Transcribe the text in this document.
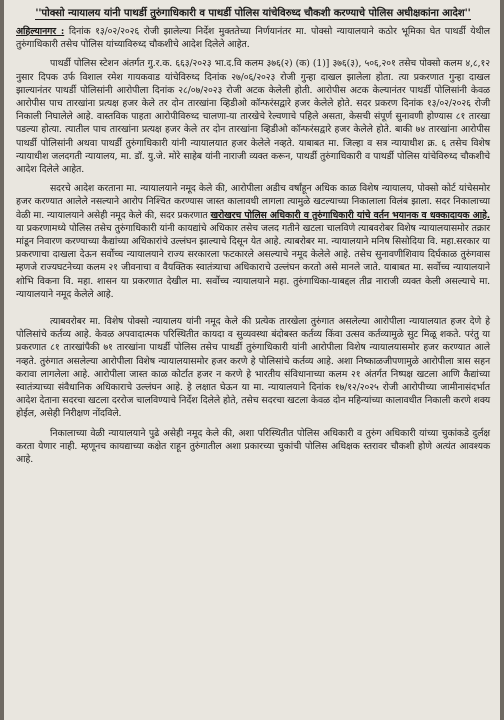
''पोक्सो न्यायालय यांनी पाथर्डी तुरुंगाधिकारी व पाथर्डी पोलिस यांचेविरुध्द चौकशी करण्याचे पोलिस अधीक्षकांना आदेश''

अहिल्यानगर : दिनांक १३/०२/२०२६ रोजी झालेल्या निर्देश मुक्ततेच्या निर्णयानंतर मा. पोक्सो न्यायालयाने कठोर भूमिका घेत पाथर्डी येथील तुरुंगाधिकारी तसेच पोलिस यांच्याविरुध्द चौकशीचे आदेश दिलेले आहेत.

पाथर्डी पोलिस स्टेशन अंतर्गत गु.र.क. ६६३/२०२३ भा.द.वि कलम ३७६(२) (क) (1)] ३७६(३), ५०६,२०१ तसेच पोक्सो कलम ४,८,१२ नुसार दिपक उर्फ विशाल रमेश गायकवाड यांचेविरुध्द दिनांक २७/०६/२०२३ रोजी गुन्हा दाखल झालेला होता. त्या प्रकरणात गुन्हा दाखल झाल्यानंतर पाथर्डी पोलिसांनी आरोपीला दिनांक २८/०७/२०२३ रोजी अटक केलेली होती. आरोपीस अटक केल्यानंतर पाथर्डी पोलिसांनी केवळ आरोपीस पाच तारखांना प्रत्यक्ष हजर केले तर दोन तारखांना व्हिडीओ कॉन्फरंसद्वारे हजर केलेले होते. सदर प्रकरण दिनांक १३/०२/२०२६ रोजी निकाली निघालेले आहे. वास्तविक पाहता आरोपीविरुध्द चालणा-या तारखेचे रेल्वणाचे पहिले असता, केसची संपूर्ण सुनावणी होण्यास ८१ तारखा पडल्या होत्या. त्यातील पाच तारखांना प्रत्यक्ष हजर केले तर दोन तारखांना व्हिडीओ कॉन्फरंसद्वारे हजर केलेले होते. बाकी ७४ तारखांना आरोपीस पाथर्डी पोलिसांनी अथवा पाथर्डी तुरुंगाधिकारी यांनी न्यायालयात हजर केलेले नव्हते. याबाबत मा. जिल्हा व सत्र न्यायाधीश क्र. ६ तसेच विशेष न्यायाधीश जलदगती न्यायालय, मा. डॉ. यु.जे. मोरे साहेब यांनी नाराजी व्यक्त करून, पाथर्डी तुरुंगाधिकारी व पाथर्डी पोलिस यांचेविरुध्द चौकशीचे आदेश दिलेले आहेत.

सदरचे आदेश करताना मा. न्यायालयाने नमूद केले की, आरोपीला अडीच वर्षांहून अधिक काळ विशेष न्यायालय, पोक्सो कोर्ट यांचेसमोर हजर करण्यात आलेले नसल्याने आरोप निश्चित करण्यास जास्त कालावधी लागला त्यामुळे खटल्याच्या निकालाला विलंब झाला. सदर निकालाच्या वेळी मा. न्यायालयाने असेही नमूद केले की, सदर प्रकरणात खरोखरच पोलिस अधिकारी व तुरुंगाधिकारी यांचे वर्तन भयानक व धक्कादायक आहे. या प्रकरणामध्ये पोलिस तसेच तुरुंगाधिकारी यांनी कायद्यांचे अधिकार तसेच जलद गतीने खटला चालविणे त्याबवरोबर विशेष न्यायालयासमोर तक्रार मांडून निवारण करण्याच्या कैद्यांच्या अधिकारांचे उल्लंघन झाल्याचे दिसून येत आहे. त्याबरोबर मा. न्यायालयाने मनिष सिसोदिया वि. महा.सरकार या प्रकरणाचा दाखला देऊन सर्वोच्च न्यायालयाने राज्य सरकारला फटकारले असल्याचे नमूद केलेले आहे. तसेच सुनावणीशिवाय दिर्घकाळ तुरुंगवास म्हणजे राज्यघटनेच्या कलम २१ जीवनाचा व वैयक्तिक स्वातंत्र्याचा अधिकाराचे उल्लंघन करतो असे मानले जाते. याबाबत मा. सर्वोच्च न्यायालयाने शोभि विकना वि. महा. शासन या प्रकरणात देखील मा. सर्वोच्च न्यायालयाने महा. तुरुंगाधिका-याबद्दल तीव्र नाराजी व्यक्त केली असल्याचे मा. न्यायालयाने नमूद केलेले आहे.

त्याबवरोबर मा. विशेष पोक्सो न्यायालय यांनी नमूद केले की प्रत्येक तारखेला तुरुंगात असलेल्या आरोपीला न्यायालयात हजर देणे हे पोलिसांचे कर्तव्य आहे. केवळ अपवादात्मक परिस्थितीत कायदा व सुव्यवस्था बंदोबस्त कर्तव्य किंवा उत्सव कर्तव्यामुळे सुट मिळू शकते. परंतु या प्रकरणात ८१ तारखांपैकी ७१ तारखांना पाथर्डी पोलिस तसेच पाथर्डी तुरुंगाधिकारी यांनी आरोपीला विशेष न्यायालयासमोर हजर करण्यात आले नव्हते. तुरुंगात असलेल्या आरोपीला विशेष न्यायालयासमोर हजर करणे हे पोलिसांचे कर्तव्य आहे. अशा निष्काळजीपणामुळे आरोपीला त्रास सहन करावा लागलेला आहे. आरोपीला जास्त काळ कोर्टात हजर न करणे हे भारतीय संविधानाच्या कलम २१ अंतर्गत निष्पक्ष खटला आणि कैद्यांच्या स्वातंत्र्याच्या संवैधानिक अधिकाराचे उल्लंघन आहे. हे लक्षात घेऊन या मा. न्यायालयाने दिनांक १७/१२/२०२५ रोजी आरोपीच्या जामीनासंदर्भात आदेश देताना सदरचा खटला दररोज चालविण्याचे निर्देश दिलेले होते, तसेच सदरचा खटला केवळ दोन महिन्यांच्या कालावधीत निकाली करणे शक्य होईल, असेही निरीक्षण नोंदविले.

निकालाच्या वेळी न्यायालयाने पुढे असेही नमूद केले की, अशा परिस्थितीत पोलिस अधिकारी व तुरुंग अधिकारी यांच्या चुकांकडे दुर्लक्ष करता येणार नाही. म्हणूनच कायद्याच्या कक्षेत राहून तुरुंगातील अशा प्रकारच्या चुकांची पोलिस अधिक्षक स्तरावर चौकशी होणे अत्यंत आवश्यक आहे.
